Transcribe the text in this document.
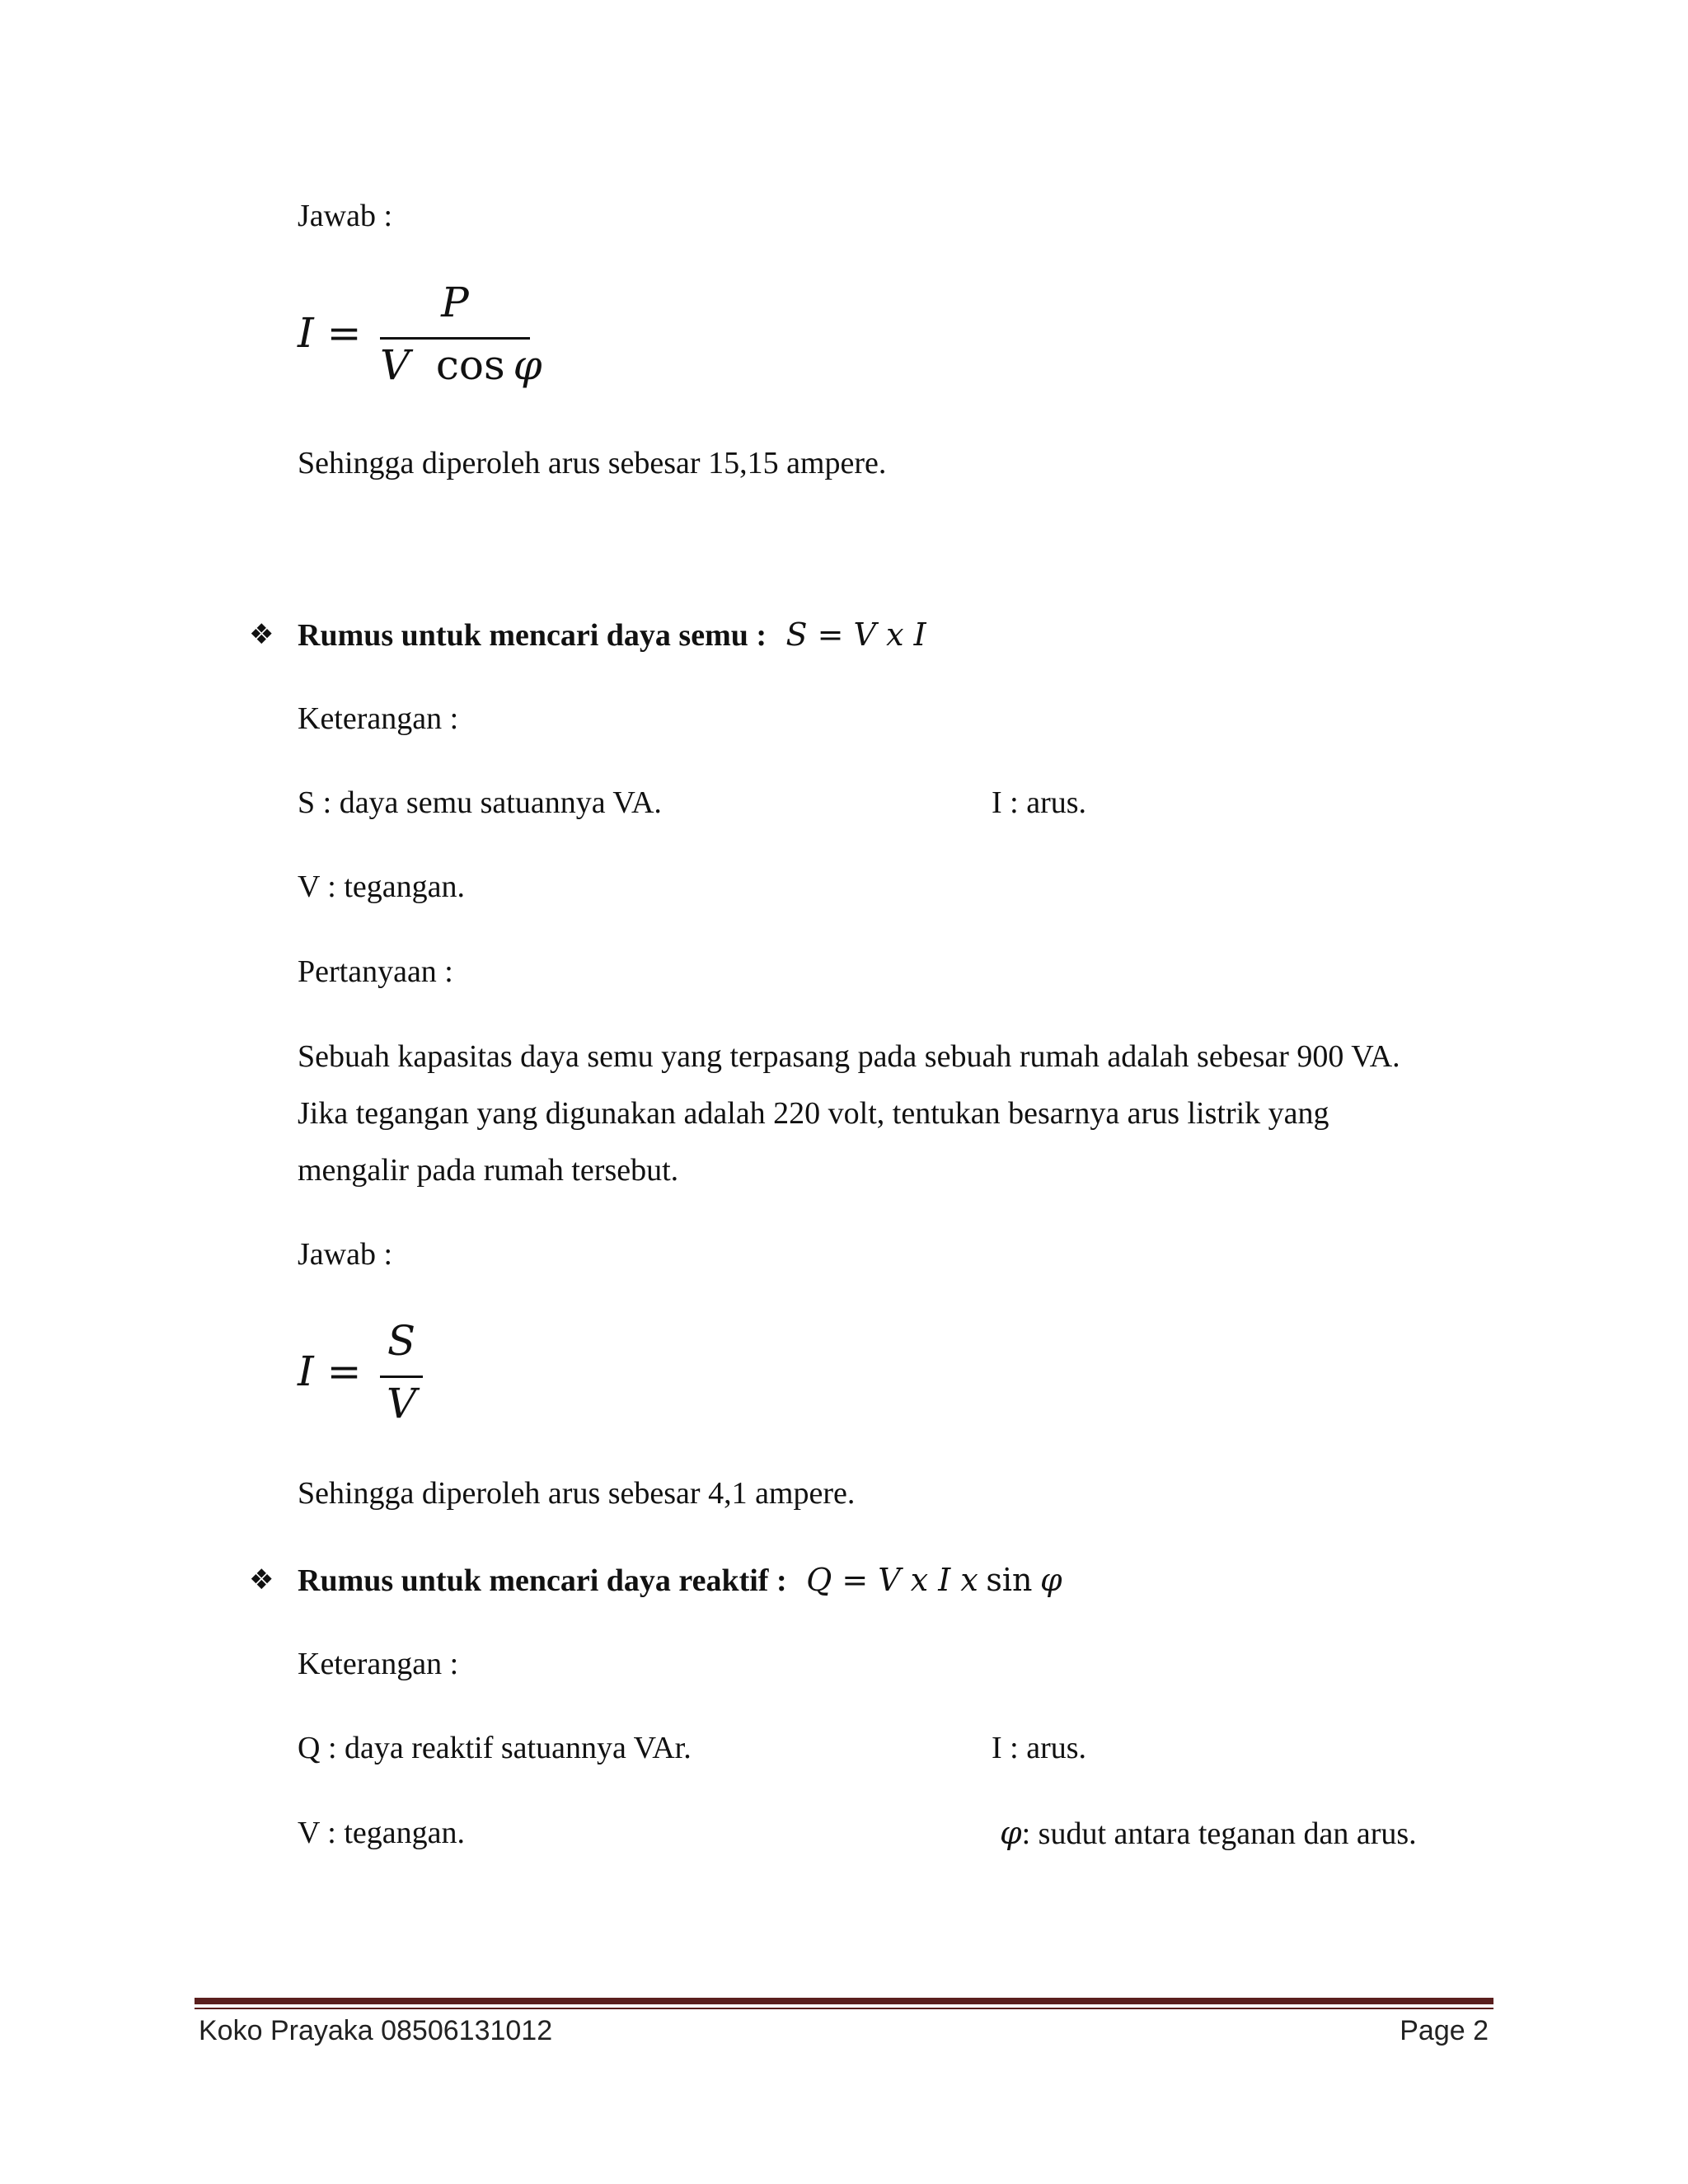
Jawab :
I =
P
V cos  φ
Sehingga diperoleh arus sebesar 15,15 ampere.
❖ Rumus untuk mencari daya semu : S = V x I
Keterangan :
S : daya semu satuannya VA.	I : arus.
V : tegangan.
Pertanyaan :
Sebuah kapasitas daya semu yang terpasang pada sebuah rumah adalah sebesar 900 VA.
Jika tegangan yang digunakan adalah 220 volt, tentukan besarnya arus listrik yang
mengalir pada rumah tersebut.
Jawab :
I =
S
V
Sehingga diperoleh arus sebesar 4,1 ampere.
❖ Rumus untuk mencari daya reaktif : Q = V x I x sin φ
Keterangan :
Q : daya reaktif satuannya VAr.	I : arus.
V : tegangan.	φ: sudut antara teganan dan arus.
Koko Prayaka 08506131012	Page 2
